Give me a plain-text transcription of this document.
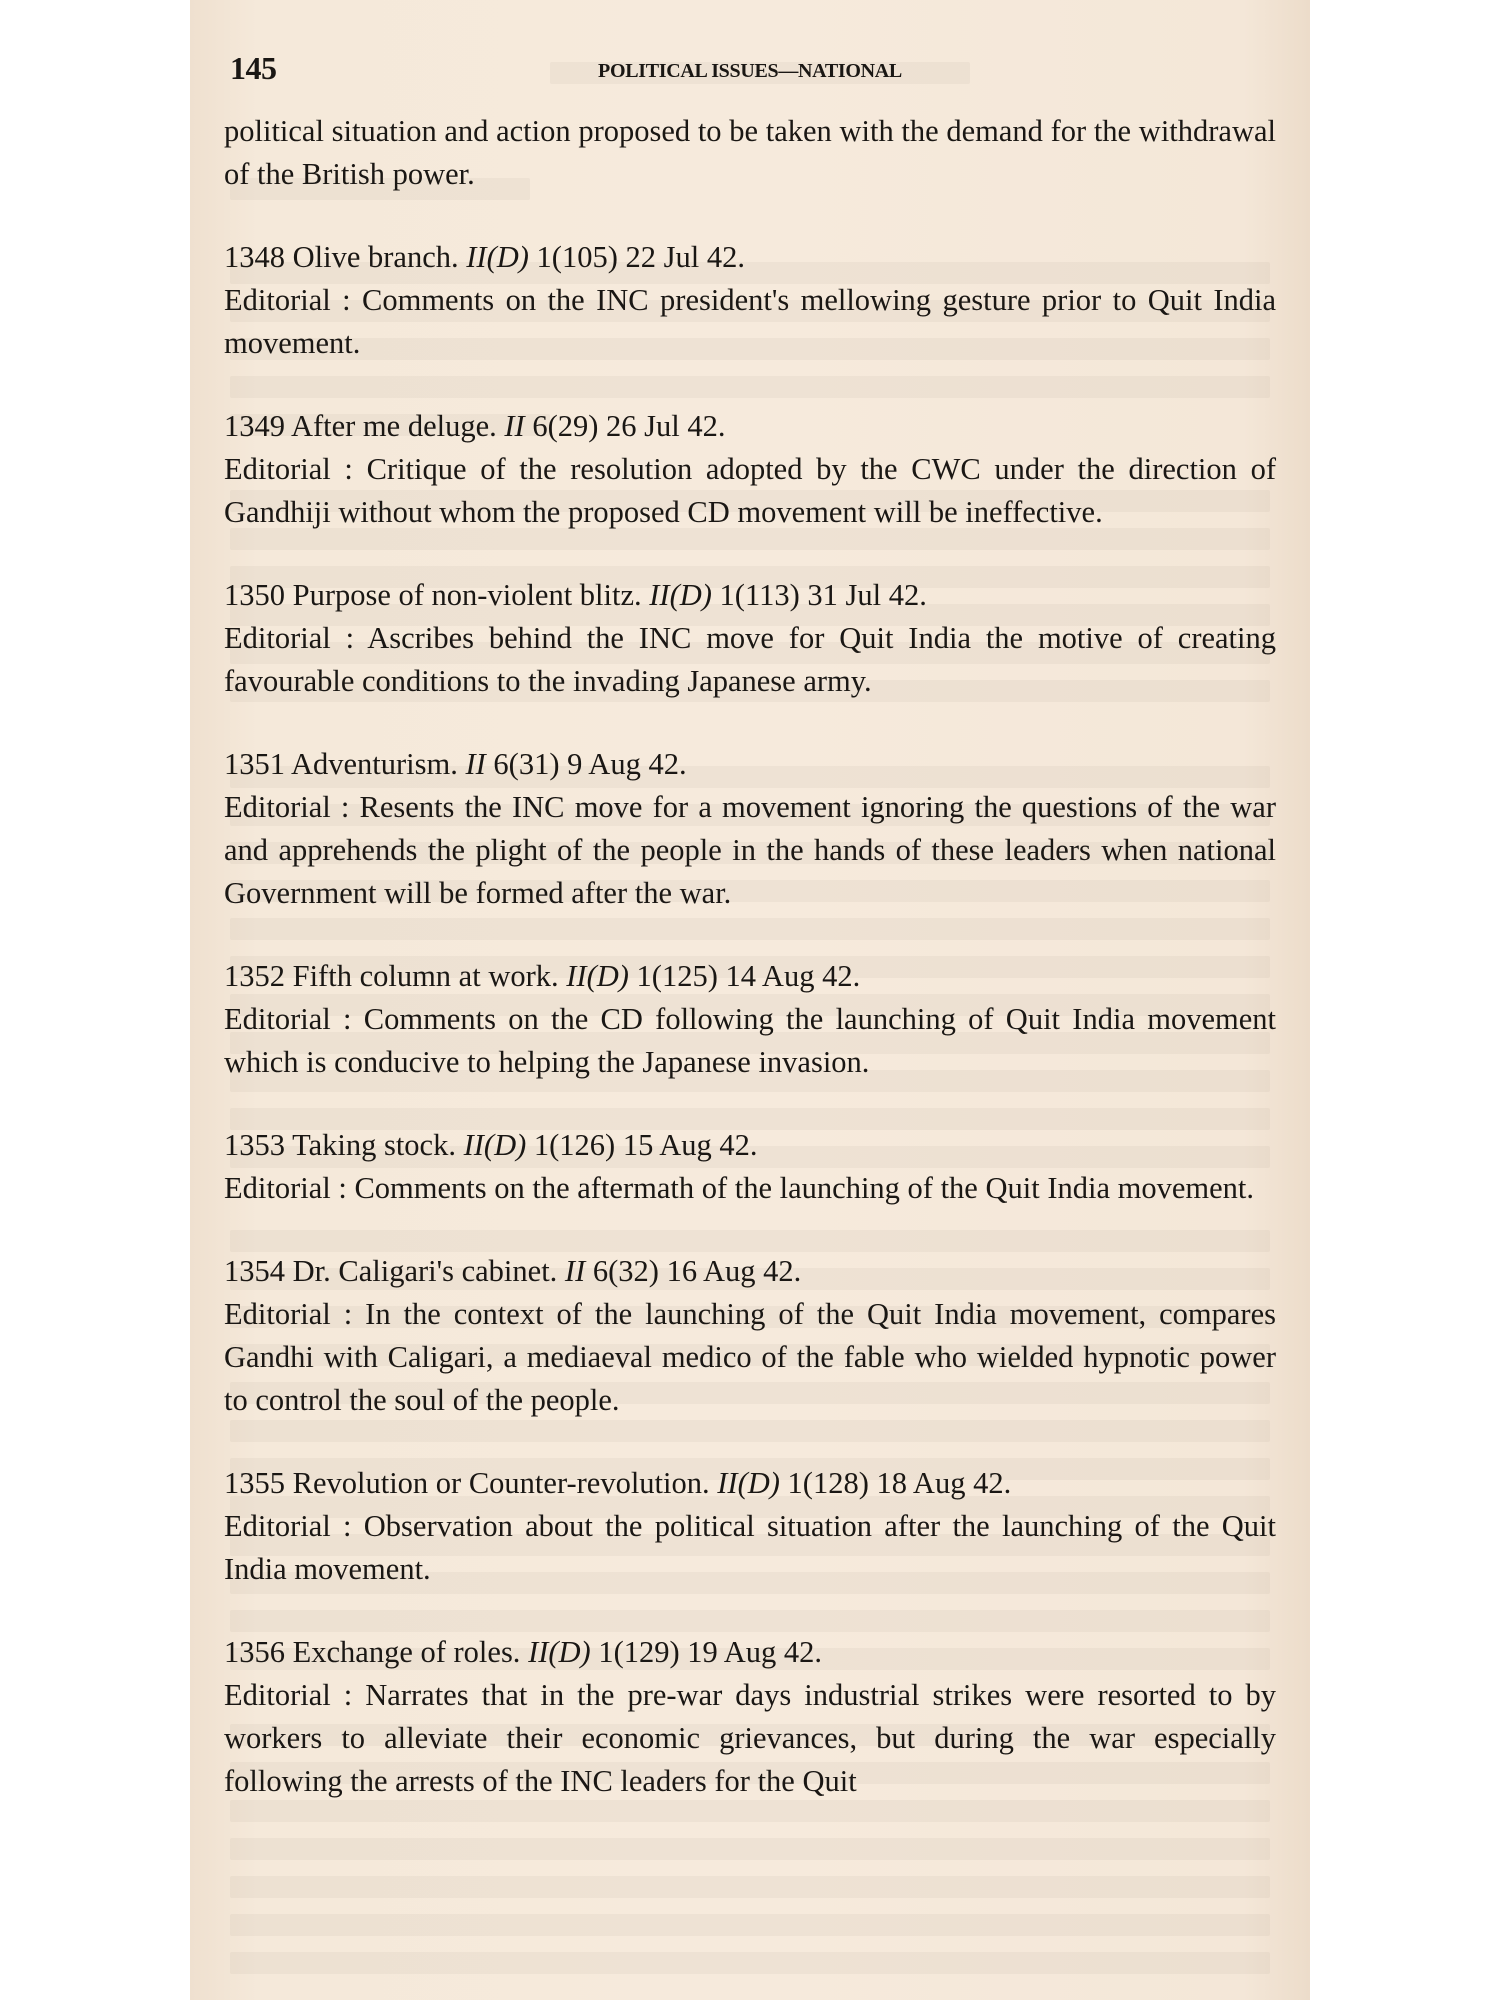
145	POLITICAL ISSUES—NATIONAL

political situation and action proposed to be taken with the demand for the withdrawal of the British power.

1348 Olive branch. II(D) 1(105) 22 Jul 42.

Editorial : Comments on the INC president's mellowing gesture prior to Quit India movement.

1349 After me deluge. II 6(29) 26 Jul 42.

Editorial : Critique of the resolution adopted by the CWC under the direction of Gandhiji without whom the proposed CD movement will be ineffective.

1350 Purpose of non-violent blitz. II(D) 1(113) 31 Jul 42.

Editorial : Ascribes behind the INC move for Quit India the motive of creating favourable conditions to the invading Japanese army.

1351 Adventurism. II 6(31) 9 Aug 42.

Editorial : Resents the INC move for a movement ignoring the questions of the war and apprehends the plight of the people in the hands of these leaders when national Government will be formed after the war.

1352 Fifth column at work. II(D) 1(125) 14 Aug 42.

Editorial : Comments on the CD following the launching of Quit India movement which is conducive to helping the Japanese invasion.

1353 Taking stock. II(D) 1(126) 15 Aug 42.

Editorial : Comments on the aftermath of the launching of the Quit India movement.

1354 Dr. Caligari's cabinet. II 6(32) 16 Aug 42.

Editorial : In the context of the launching of the Quit India movement, compares Gandhi with Caligari, a mediaeval medico of the fable who wielded hypnotic power to control the soul of the people.

1355 Revolution or Counter-revolution. II(D) 1(128) 18 Aug 42.

Editorial : Observation about the political situation after the launching of the Quit India movement.

1356 Exchange of roles. II(D) 1(129) 19 Aug 42.

Editorial : Narrates that in the pre-war days industrial strikes were resorted to by workers to alleviate their economic grievances, but during the war especially following the arrests of the INC leaders for the Quit
